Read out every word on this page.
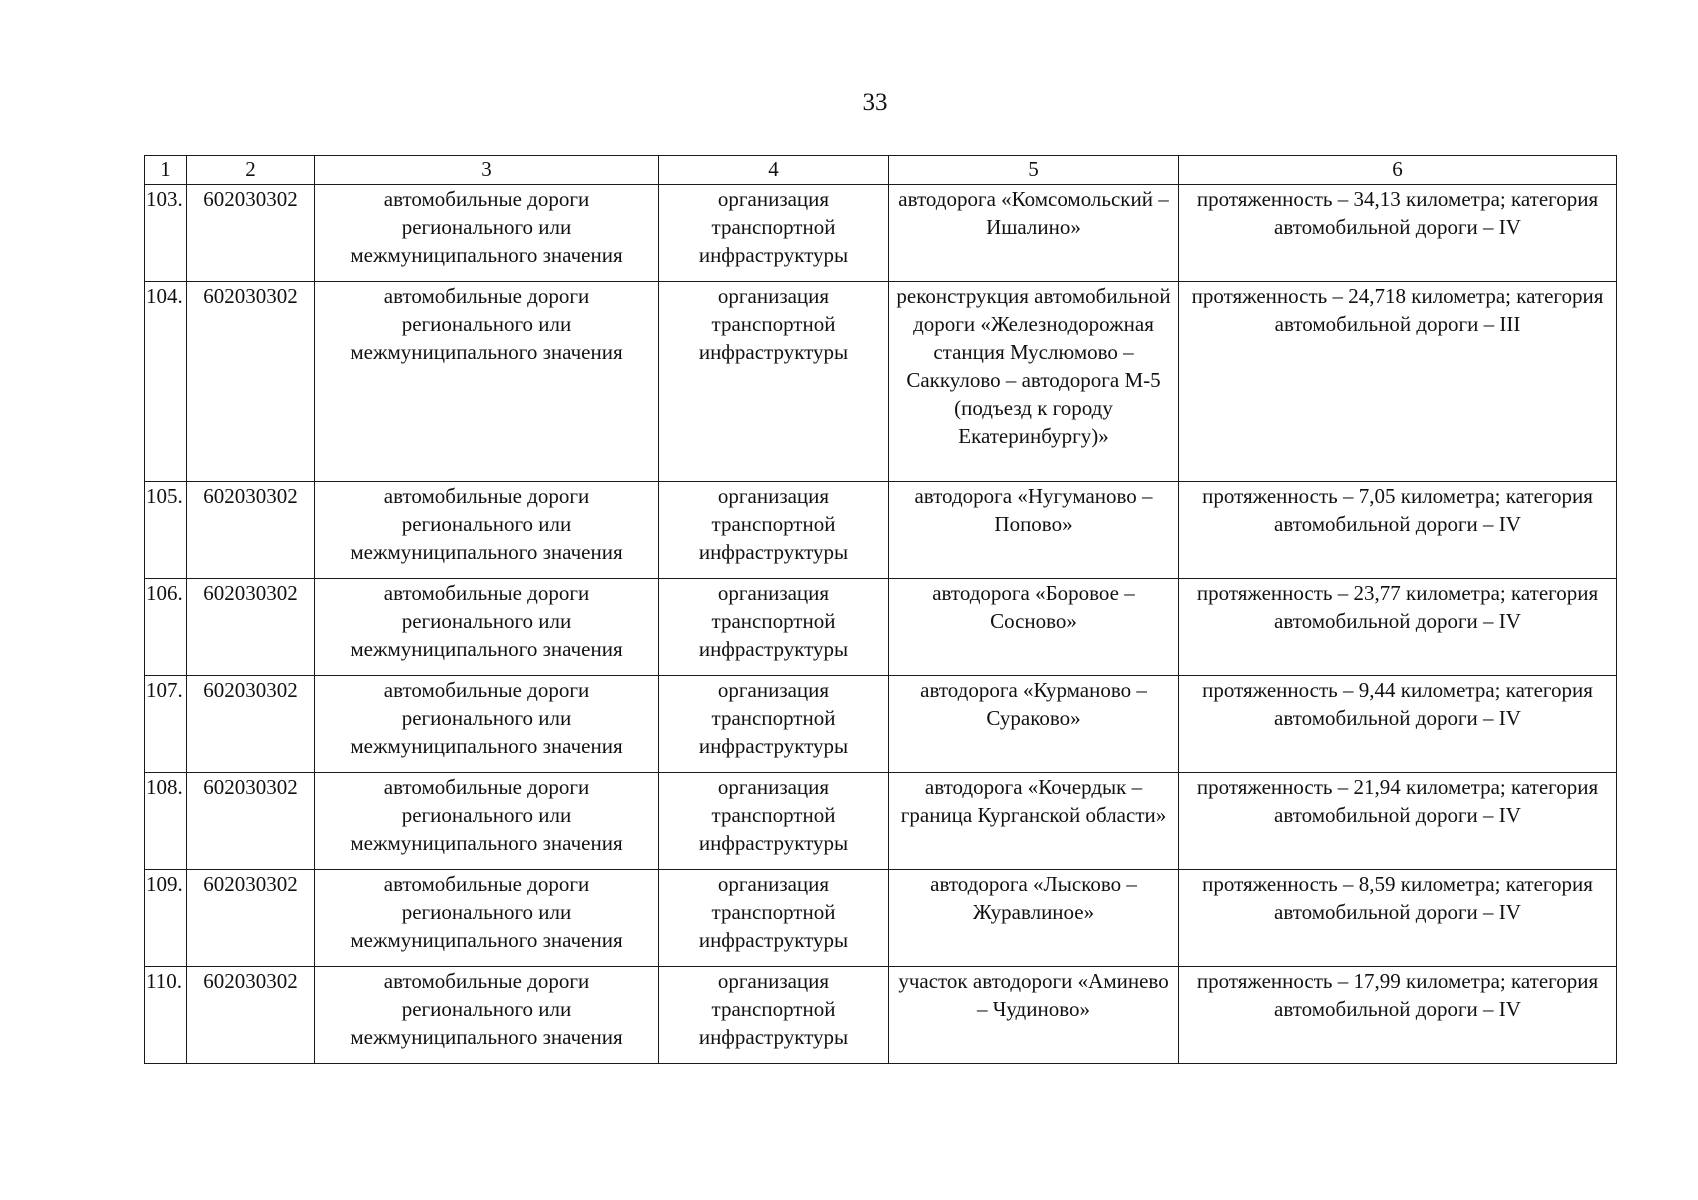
33
1	2	3	4	5	6
103.	602030302	автомобильные дороги регионального или межмуниципального значения	организация транспортной инфраструктуры	автодорога «Комсомольский – Ишалино»	протяженность – 34,13 километра; категория автомобильной дороги – IV
104.	602030302	автомобильные дороги регионального или межмуниципального значения	организация транспортной инфраструктуры	реконструкция автомобильной дороги «Железнодорожная станция Муслюмово – Саккулово – автодорога М-5 (подъезд к городу Екатеринбургу)»	протяженность – 24,718 километра; категория автомобильной дороги – III
105.	602030302	автомобильные дороги регионального или межмуниципального значения	организация транспортной инфраструктуры	автодорога «Нугуманово – Попово»	протяженность – 7,05 километра; категория автомобильной дороги – IV
106.	602030302	автомобильные дороги регионального или межмуниципального значения	организация транспортной инфраструктуры	автодорога «Боровое – Сосново»	протяженность – 23,77 километра; категория автомобильной дороги – IV
107.	602030302	автомобильные дороги регионального или межмуниципального значения	организация транспортной инфраструктуры	автодорога «Курманово – Сураково»	протяженность – 9,44 километра; категория автомобильной дороги – IV
108.	602030302	автомобильные дороги регионального или межмуниципального значения	организация транспортной инфраструктуры	автодорога «Кочердык – граница Курганской области»	протяженность – 21,94 километра; категория автомобильной дороги – IV
109.	602030302	автомобильные дороги регионального или межмуниципального значения	организация транспортной инфраструктуры	автодорога «Лысково – Журавлиное»	протяженность – 8,59 километра; категория автомобильной дороги – IV
110.	602030302	автомобильные дороги регионального или межмуниципального значения	организация транспортной инфраструктуры	участок автодороги «Аминево – Чудиново»	протяженность – 17,99 километра; категория автомобильной дороги – IV
